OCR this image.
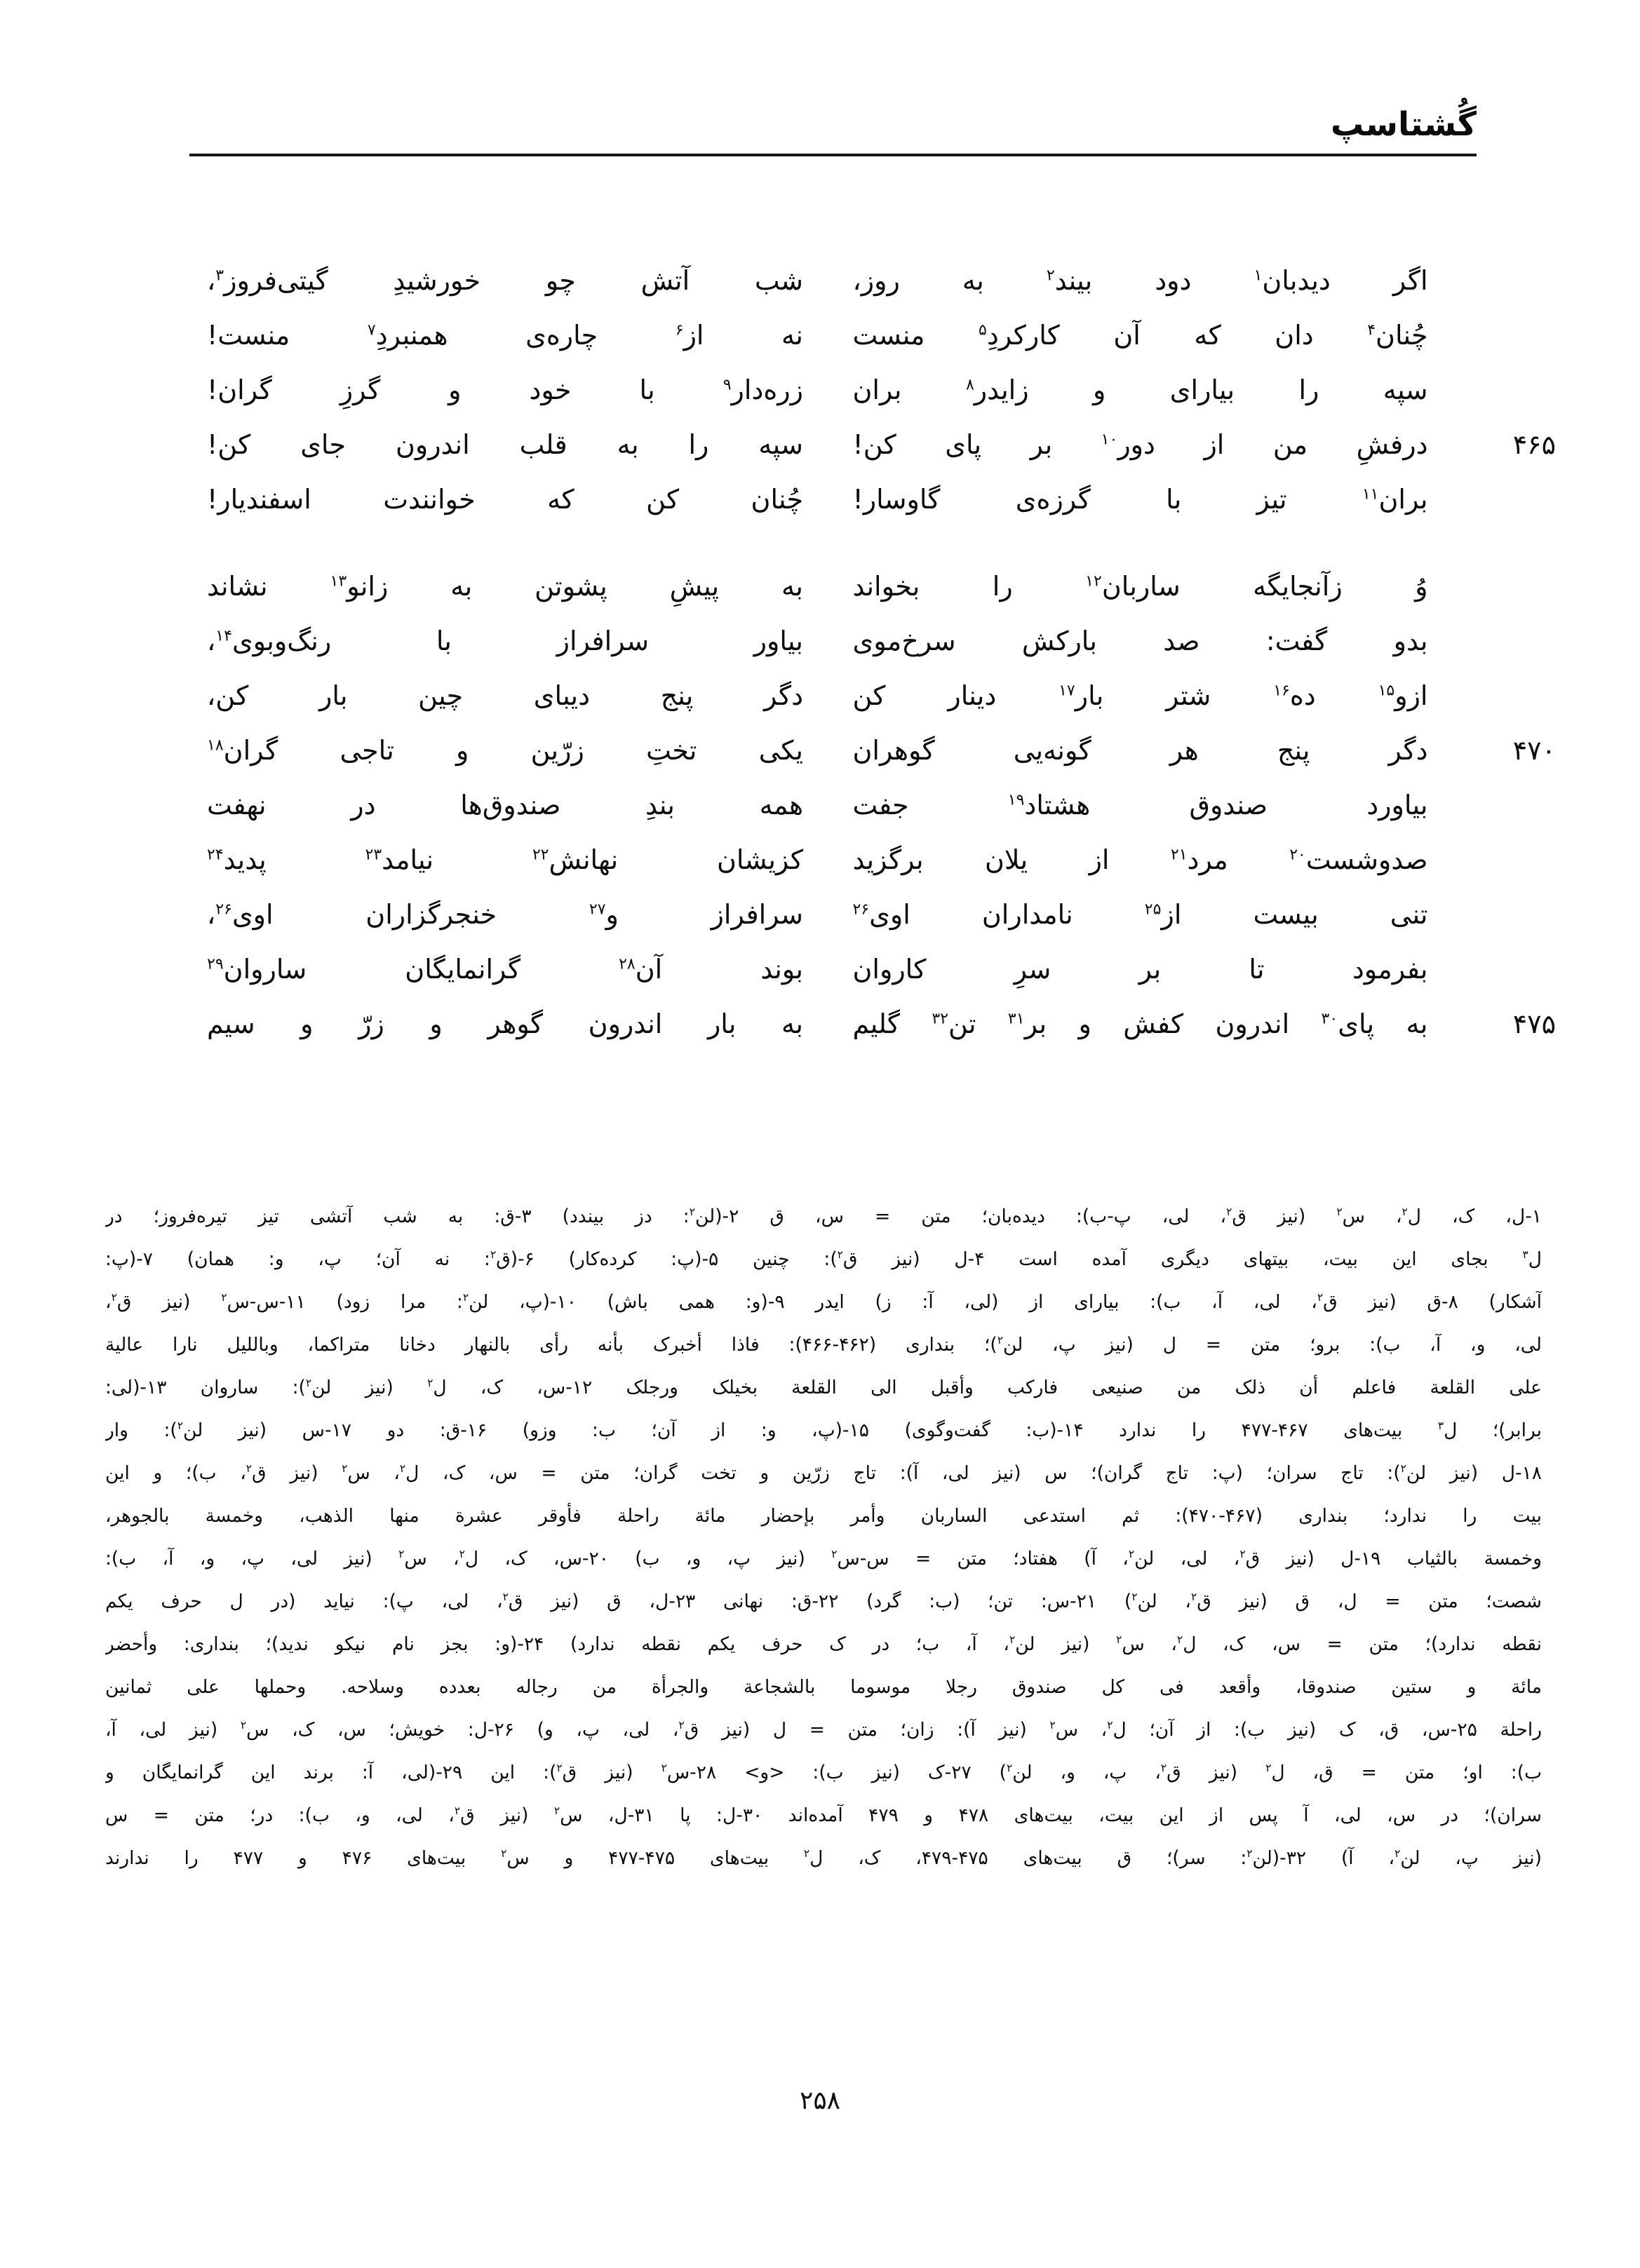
گُشتاسپ
اگر دیدبان$^۱$ دود بیند$^۲$ به روز،
شب آتش چو خورشیدِ گیتی‌فروز$^۳$،
چُنان$^۴$ دان که آن کارکردِ$^۵$ منست
نه از$^۶$ چاره‌ی همنبردِ$^۷$ منست!
سپه را بیارای و زایدر$^۸$ بران
زره‌دار$^۹$ با خود و گرزِ گران!
۴۶۵
درفشِ من از دور$^{۱۰}$ بر پای کن!
سپه را به قلب اندرون جای کن!
بران$^{۱۱}$ تیز با گرزه‌ی گاوسار!
چُنان کن که خوانندت اسفندیار!
وُ زآنجایگه ساربان$^{۱۲}$ را بخواند
به پیشِ پشوتن به زانو$^{۱۳}$ نشاند
بدو گفت: صد بارکش سرخ‌موی
بیاور سرافراز با رنگ‌وبوی$^{۱۴}$،
ازو$^{۱۵}$ ده$^{۱۶}$ شتر بار$^{۱۷}$ دینار کن
دگر پنج دیبای چین بار کن،
۴۷۰
دگر پنج هر گونه‌یی گوهران
یکی تختِ زرّین و تاجی گران$^{۱۸}$
بیاورد صندوق هشتاد$^{۱۹}$ جفت
همه بندِ صندوق‌ها در نهفت
صدوشست$^{۲۰}$ مرد$^{۲۱}$ از یلان برگزید
کزیشان نهانش$^{۲۲}$ نیامد$^{۲۳}$ پدید$^{۲۴}$
تنی بیست از$^{۲۵}$ نامداران اوی$^{۲۶}$
سرافراز و$^{۲۷}$ خنجرگزاران اوی$^{۲۶}$،
بفرمود تا بر سرِ کاروان
بوند آن$^{۲۸}$ گرانمایگان ساروان$^{۲۹}$
۴۷۵
به پای$^{۳۰}$ اندرون کفش و بر$^{۳۱}$ تن$^{۳۲}$ گلیم
به بار اندرون گوهر و زرّ و سیم
۱-ل، ک، ل$^۲$، س$^۲$ (نیز ق$^۲$، لی، پ-ب): دیده‌بان؛ متن = س، ق ۲-(لن$^۲$: دز بیندد) ۳-ق: به شب آتشی تیز تیره‌فروز؛ در
ل$^۳$ بجای این بیت، بیتهای دیگری آمده است ۴-ل (نیز ق$^۲$): چنین ۵-(پ: کرده‌کار) ۶-(ق$^۲$: نه آن؛ پ، و: همان) ۷-(پ:
آشکار) ۸-ق (نیز ق$^۲$، لی، آ، ب): بیارای از (لی، آ: ز) ایدر ۹-(و: همی باش) ۱۰-(پ، لن$^۲$: مرا زود) ۱۱-س-س$^۲$ (نیز ق$^۲$،
لی، و، آ، ب): برو؛ متن = ل (نیز پ، لن$^۲$)؛ بنداری (۴۶۲-۴۶۶): فاذا أخبرک بأنه رأی بالنهار دخانا متراکما، وباللیل نارا عالیة
علی القلعة فاعلم أن ذلک من صنیعی فارکب وأقبل الی القلعة بخیلک ورجلک ۱۲-س، ک، ل$^۲$ (نیز لن$^۲$): ساروان ۱۳-(لی:
برابر)؛ ل$^۳$ بیت‌های ۴۶۷-۴۷۷ را ندارد ۱۴-(ب: گفت‌وگوی) ۱۵-(پ، و: از آن؛ ب: وزو) ۱۶-ق: دو ۱۷-س (نیز لن$^۲$): وار
۱۸-ل (نیز لن$^۲$): تاج سران؛ (پ: تاج گران)؛ س (نیز لی، آ): تاج زرّین و تخت گران؛ متن = س، ک، ل$^۲$، س$^۲$ (نیز ق$^۲$، ب)؛ و این
بیت را ندارد؛ بنداری (۴۶۷-۴۷۰): ثم استدعی الساربان وأمر بإحضار مائة راحلة فأوقر عشرة منها الذهب، وخمسة بالجوهر،
وخمسة بالثیاب ۱۹-ل (نیز ق$^۲$، لی، لن$^۲$، آ) هفتاد؛ متن = س-س$^۲$ (نیز پ، و، ب) ۲۰-س، ک، ل$^۲$، س$^۲$ (نیز لی، پ، و، آ، ب):
شصت؛ متن = ل، ق (نیز ق$^۲$، لن$^۲$) ۲۱-س: تن؛ (ب: گرد) ۲۲-ق: نهانی ۲۳-ل، ق (نیز ق$^۲$، لی، پ): نیاید (در ل حرف یکم
نقطه ندارد)؛ متن = س، ک، ل$^۲$، س$^۲$ (نیز لن$^۲$، آ، ب؛ در ک حرف یکم نقطه ندارد) ۲۴-(و: بجز نام نیکو ندید)؛ بنداری: وأحضر
مائة و ستین صندوقا، وأقعد فی کل صندوق رجلا موسوما بالشجاعة والجرأة من رجاله بعدده وسلاحه. وحملها علی ثمانین
راحلة ۲۵-س، ق، ک (نیز ب): از آن؛ ل$^۲$، س$^۲$ (نیز آ): زان؛ متن = ل (نیز ق$^۲$، لی، پ، و) ۲۶-ل: خویش؛ س، ک، س$^۲$ (نیز لی، آ،
ب): او؛ متن = ق، ل$^۲$ (نیز ق$^۲$، پ، و، لن$^۲$) ۲۷-ک (نیز ب): <و> ۲۸-س$^۲$ (نیز ق$^۲$): این ۲۹-(لی، آ: برند این گرانمایگان و
سران)؛ در س، لی، آ پس از این بیت، بیت‌های ۴۷۸ و ۴۷۹ آمده‌اند ۳۰-ل: پا ۳۱-ل، س$^۲$ (نیز ق$^۲$، لی، و، ب): در؛ متن = س
(نیز پ، لن$^۲$، آ) ۳۲-(لن$^۲$: سر)؛ ق بیت‌های ۴۷۵-۴۷۹، ک، ل$^۲$ بیت‌های ۴۷۵-۴۷۷ و س$^۲$ بیت‌های ۴۷۶ و ۴۷۷ را ندارند
۲۵۸
